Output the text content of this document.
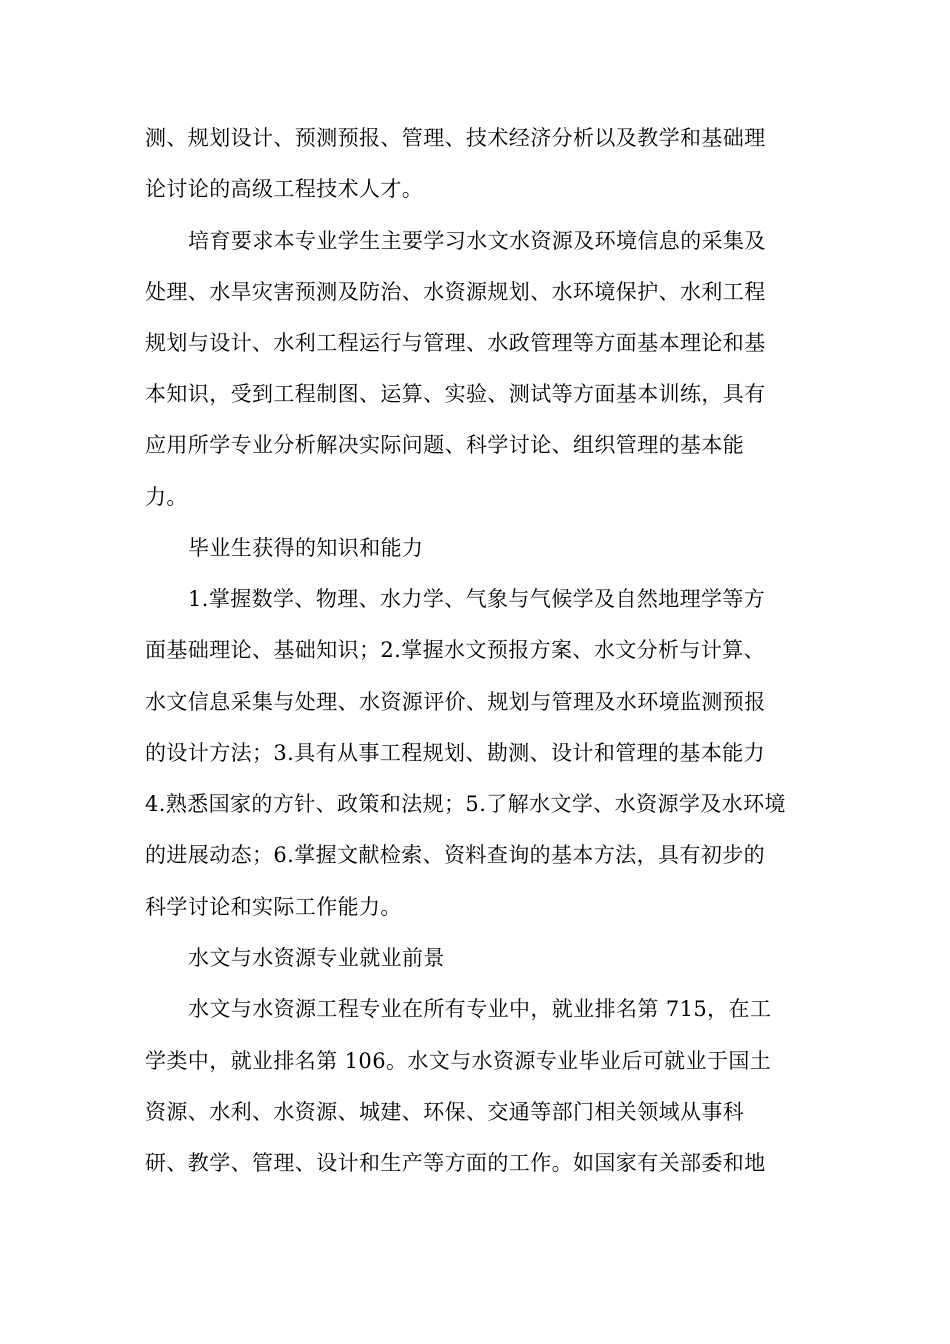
测、规划设计、预测预报、管理、技术经济分析以及教学和基础理
论讨论的高级工程技术人才。
培育要求本专业学生主要学习水文水资源及环境信息的采集及
处理、水旱灾害预测及防治、水资源规划、水环境保护、水利工程
规划与设计、水利工程运行与管理、水政管理等方面基本理论和基
本知识，受到工程制图、运算、实验、测试等方面基本训练，具有
应用所学专业分析解决实际问题、科学讨论、组织管理的基本能
力。
毕业生获得的知识和能力
1.掌握数学、物理、水力学、气象与气候学及自然地理学等方
面基础理论、基础知识；2.掌握水文预报方案、水文分析与计算、
水文信息采集与处理、水资源评价、规划与管理及水环境监测预报
的设计方法；3.具有从事工程规划、勘测、设计和管理的基本能力
4.熟悉国家的方针、政策和法规；5.了解水文学、水资源学及水环境
的进展动态；6.掌握文献检索、资料查询的基本方法，具有初步的
科学讨论和实际工作能力。
水文与水资源专业就业前景
水文与水资源工程专业在所有专业中，就业排名第 715，在工
学类中，就业排名第 106。水文与水资源专业毕业后可就业于国土
资源、水利、水资源、城建、环保、交通等部门相关领域从事科
研、教学、管理、设计和生产等方面的工作。如国家有关部委和地
